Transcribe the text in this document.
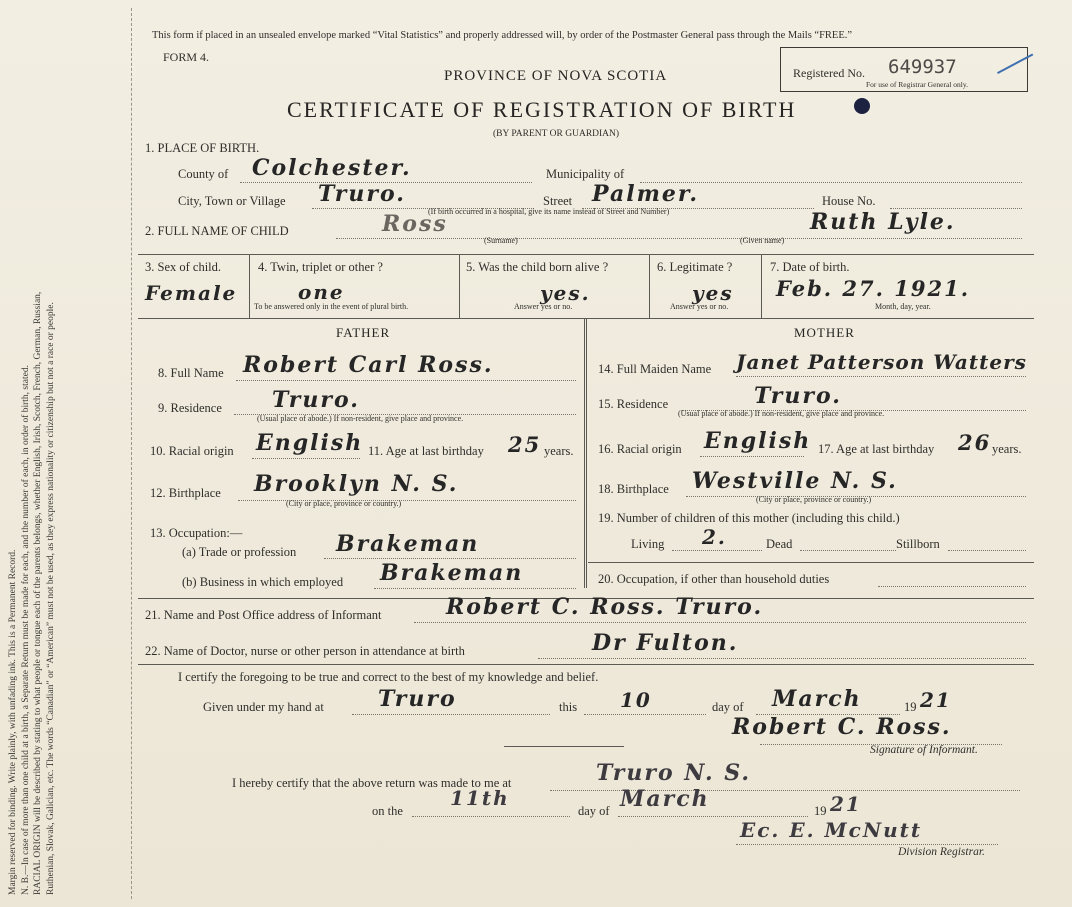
Margin reserved for binding. Write plainly, with unfading ink. This is a Permanent Record. N. B.—In case of more than one child at a birth, a Separate Return must be made for each, and the number of each, in order of birth, stated. RACIAL ORIGIN will be described by stating to what people or tongue each of the parents belongs, whether English, Irish, Scotch, French, German, Russian, Ruthenian, Slovak, Galician, etc. The words “Canadian” or “American” must not be used, as they express nationality or citizenship but not a race or people.
This form if placed in an unsealed envelope marked “Vital Statistics” and properly addressed will, by order of the Postmaster General pass through the Mails “FREE.”
FORM 4.
PROVINCE OF NOVA SCOTIA
CERTIFICATE OF REGISTRATION OF BIRTH
(BY PARENT OR GUARDIAN)
Registered No. 649937
For use of Registrar General only.
1. PLACE OF BIRTH.
County of Colchester.	Municipality of
City, Town or Village Truro.	Street Palmer.	House No.
(If birth occurred in a hospital, give its name instead of Street and Number)
2. FULL NAME OF CHILD	Ross
(Surname)	(Given name)
Ruth Lyle.
3. Sex of child.
Female
4. Twin, triplet or other ?
one
To be answered only in the event of plural birth.
5. Was the child born alive ?
yes.
Answer yes or no.
6. Legitimate ?
yes
Answer yes or no.
7. Date of birth.
Feb. 27. 1921.
Month, day, year.
FATHER	MOTHER
8. Full Name Robert Carl Ross.
9. Residence Truro.
(Usual place of abode.) If non-resident, give place and province.
10. Racial origin English 11. Age at last birthday 25 years.
12. Birthplace Brooklyn N. S.
(City or place, province or country.)
13. Occupation:—
(a) Trade or profession Brakeman
(b) Business in which employed Brakeman
14. Full Maiden Name Janet Patterson Watters
15. Residence	Truro.
(Usual place of abode.) If non-resident, give place and province.
16. Racial origin English 17. Age at last birthday 26 years.
18. Birthplace Westville N. S.
(City or place, province or country.)
19. Number of children of this mother (including this child.)
Living 2.	Dead	Stillborn
20. Occupation, if other than household duties
21. Name and Post Office address of Informant	Robert C. Ross. Truro.
22. Name of Doctor, nurse or other person in attendance at birth	Dr Fulton.
I certify the foregoing to be true and correct to the best of my knowledge and belief.
Given under my hand at Truro	this 10	day of March	19 21
Robert C. Ross.
Signature of Informant.
I hereby certify that the above return was made to me at	Truro N. S.
on the
11th
day of March	19 21
Ec. E. McNutt
Division Registrar.
